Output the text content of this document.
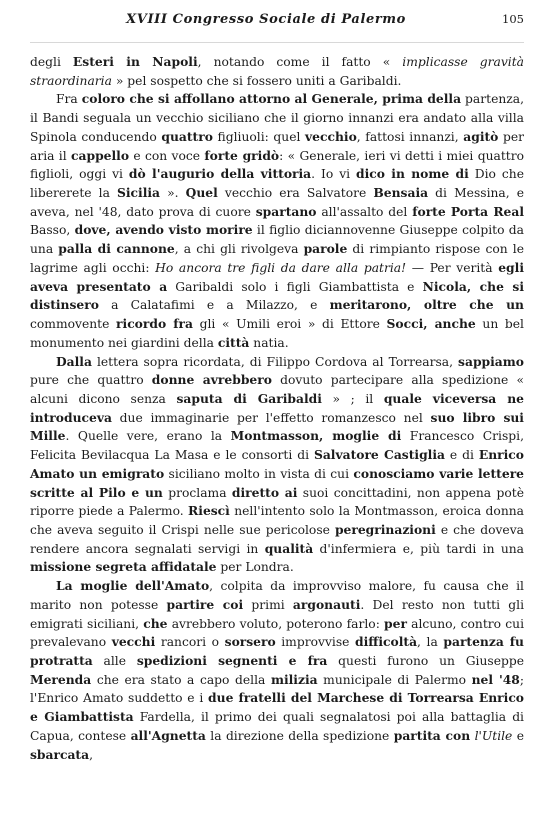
XVIII Congresso Sociale di Palermo	105

degli Esteri in Napoli, notando come il fatto « implicasse gravità straordinaria » pel sospetto che si fossero uniti a Garibaldi.

Fra coloro che si affollano attorno al Generale, prima della partenza, il Bandi seguala un vecchio siciliano che il giorno innanzi era andato alla villa Spinola conducendo quattro figliuoli: quel vecchio, fattosi innanzi, agitò per aria il cappello e con voce forte gridò: « Generale, ieri vi detti i miei quattro figlioli, oggi vi dò l'augurio della vittoria. Io vi dico in nome di Dio che libererete la Sicilia ». Quel vecchio era Salvatore Bensaia di Messina, e aveva, nel '48, dato prova di cuore spartano all'assalto del forte Porta Real Basso, dove, avendo visto morire il figlio diciannovenne Giuseppe colpito da una palla di cannone, a chi gli rivolgeva parole di rimpianto rispose con le lagrime agli occhi: Ho ancora tre figli da dare alla patria! — Per verità egli aveva presentato a Garibaldi solo i figli Giambattista e Nicola, che si distinsero a Calatafimi e a Milazzo, e meritarono, oltre che un commovente ricordo fra gli « Umili eroi » di Ettore Socci, anche un bel monumento nei giardini della città natia.

Dalla lettera sopra ricordata, di Filippo Cordova al Torrearsa, sappiamo pure che quattro donne avrebbero dovuto partecipare alla spedizione « alcuni dicono senza saputa di Garibaldi » ; il quale viceversa ne introduceva due immaginarie per l'effetto romanzesco nel suo libro sui Mille. Quelle vere, erano la Montmasson, moglie di Francesco Crispi, Felicita Bevilacqua La Masa e le consorti di Salvatore Castiglia e di Enrico Amato un emigrato siciliano molto in vista di cui conosciamo varie lettere scritte al Pilo e un proclama diretto ai suoi concittadini, non appena potè riporre piede a Palermo. Riescì nell'intento solo la Montmasson, eroica donna che aveva seguito il Crispi nelle sue pericolose peregrinazioni e che doveva rendere ancora segnalati servigi in qualità d'infermiera e, più tardi in una missione segreta affidatale per Londra.

La moglie dell'Amato, colpita da improvviso malore, fu causa che il marito non potesse partire coi primi argonauti. Del resto non tutti gli emigrati siciliani, che avrebbero voluto, poterono farlo: per alcuno, contro cui prevalevano vecchi rancori o sorsero improvvise difficoltà, la partenza fu protratta alle spedizioni segnenti e fra questi furono un Giuseppe Merenda che era stato a capo della milizia municipale di Palermo nel '48; l'Enrico Amato suddetto e i due fratelli del Marchese di Torrearsa Enrico e Giambattista Fardella, il primo dei quali segnalatosi poi alla battaglia di Capua, contese all'Agnetta la direzione della spedizione partita con l'Utile e sbarcata,
